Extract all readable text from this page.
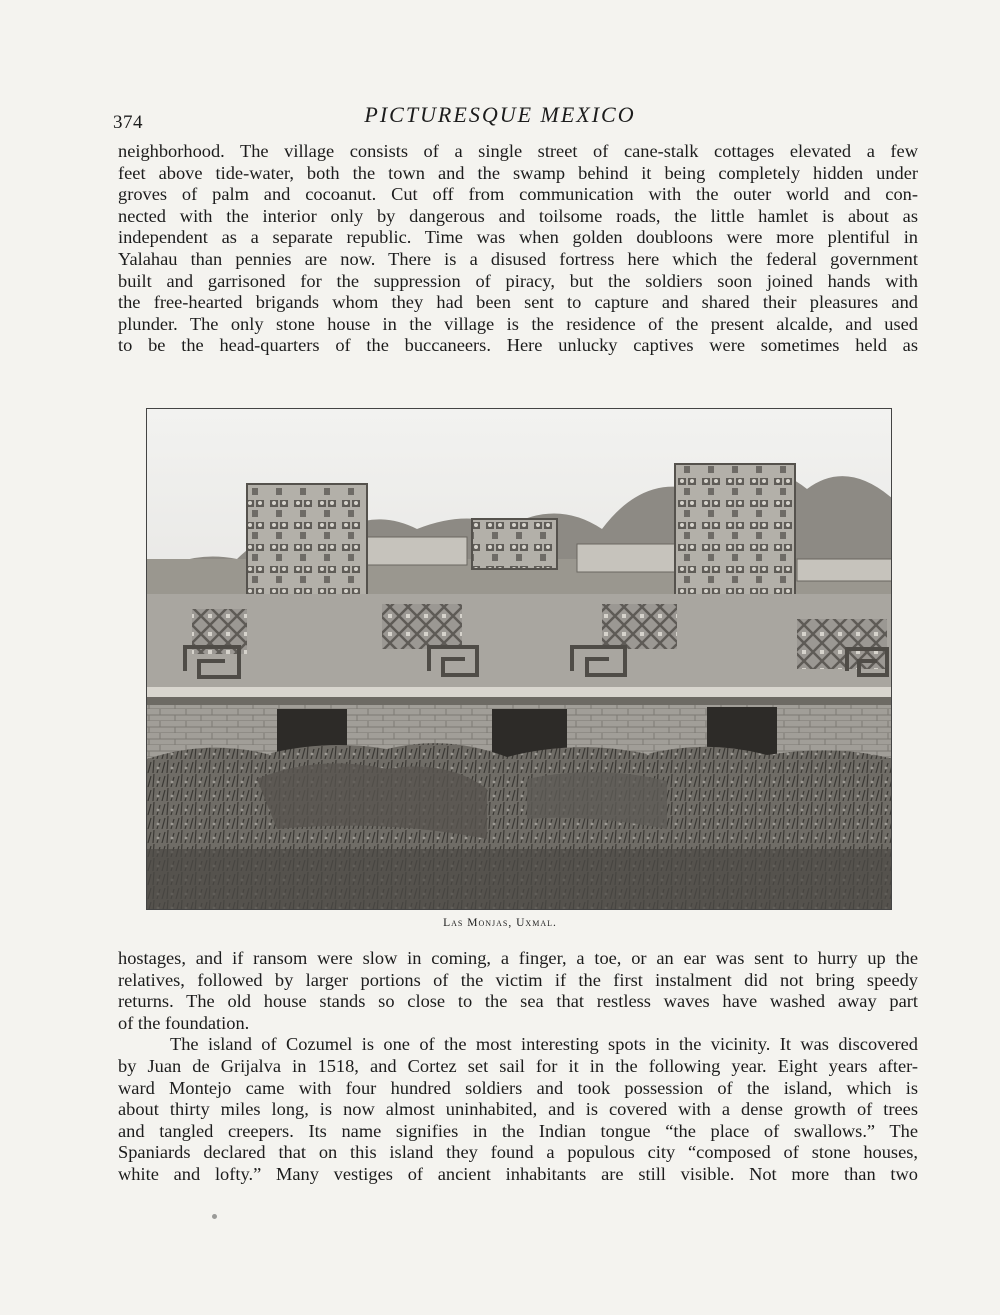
374	PICTURESQUE MEXICO
neighborhood. The village consists of a single street of cane-stalk cottages elevated a few
feet above tide-water, both the town and the swamp behind it being completely hidden under
groves of palm and cocoanut. Cut off from communication with the outer world and con-
nected with the interior only by dangerous and toilsome roads, the little hamlet is about as
independent as a separate republic. Time was when golden doubloons were more plentiful in
Yalahau than pennies are now. There is a disused fortress here which the federal government
built and garrisoned for the suppression of piracy, but the soldiers soon joined hands with
the free-hearted brigands whom they had been sent to capture and shared their pleasures and
plunder. The only stone house in the village is the residence of the present alcalde, and used
to be the head-quarters of the buccaneers. Here unlucky captives were sometimes held as
Las Monjas, Uxmal.
hostages, and if ransom were slow in coming, a finger, a toe, or an ear was sent to hurry up the
relatives, followed by larger portions of the victim if the first instalment did not bring speedy
returns. The old house stands so close to the sea that restless waves have washed away part
of the foundation.
The island of Cozumel is one of the most interesting spots in the vicinity. It was discovered
by Juan de Grijalva in 1518, and Cortez set sail for it in the following year. Eight years after-
ward Montejo came with four hundred soldiers and took possession of the island, which is
about thirty miles long, is now almost uninhabited, and is covered with a dense growth of trees
and tangled creepers. Its name signifies in the Indian tongue “the place of swallows.” The
Spaniards declared that on this island they found a populous city “composed of stone houses,
white and lofty.” Many vestiges of ancient inhabitants are still visible. Not more than two
